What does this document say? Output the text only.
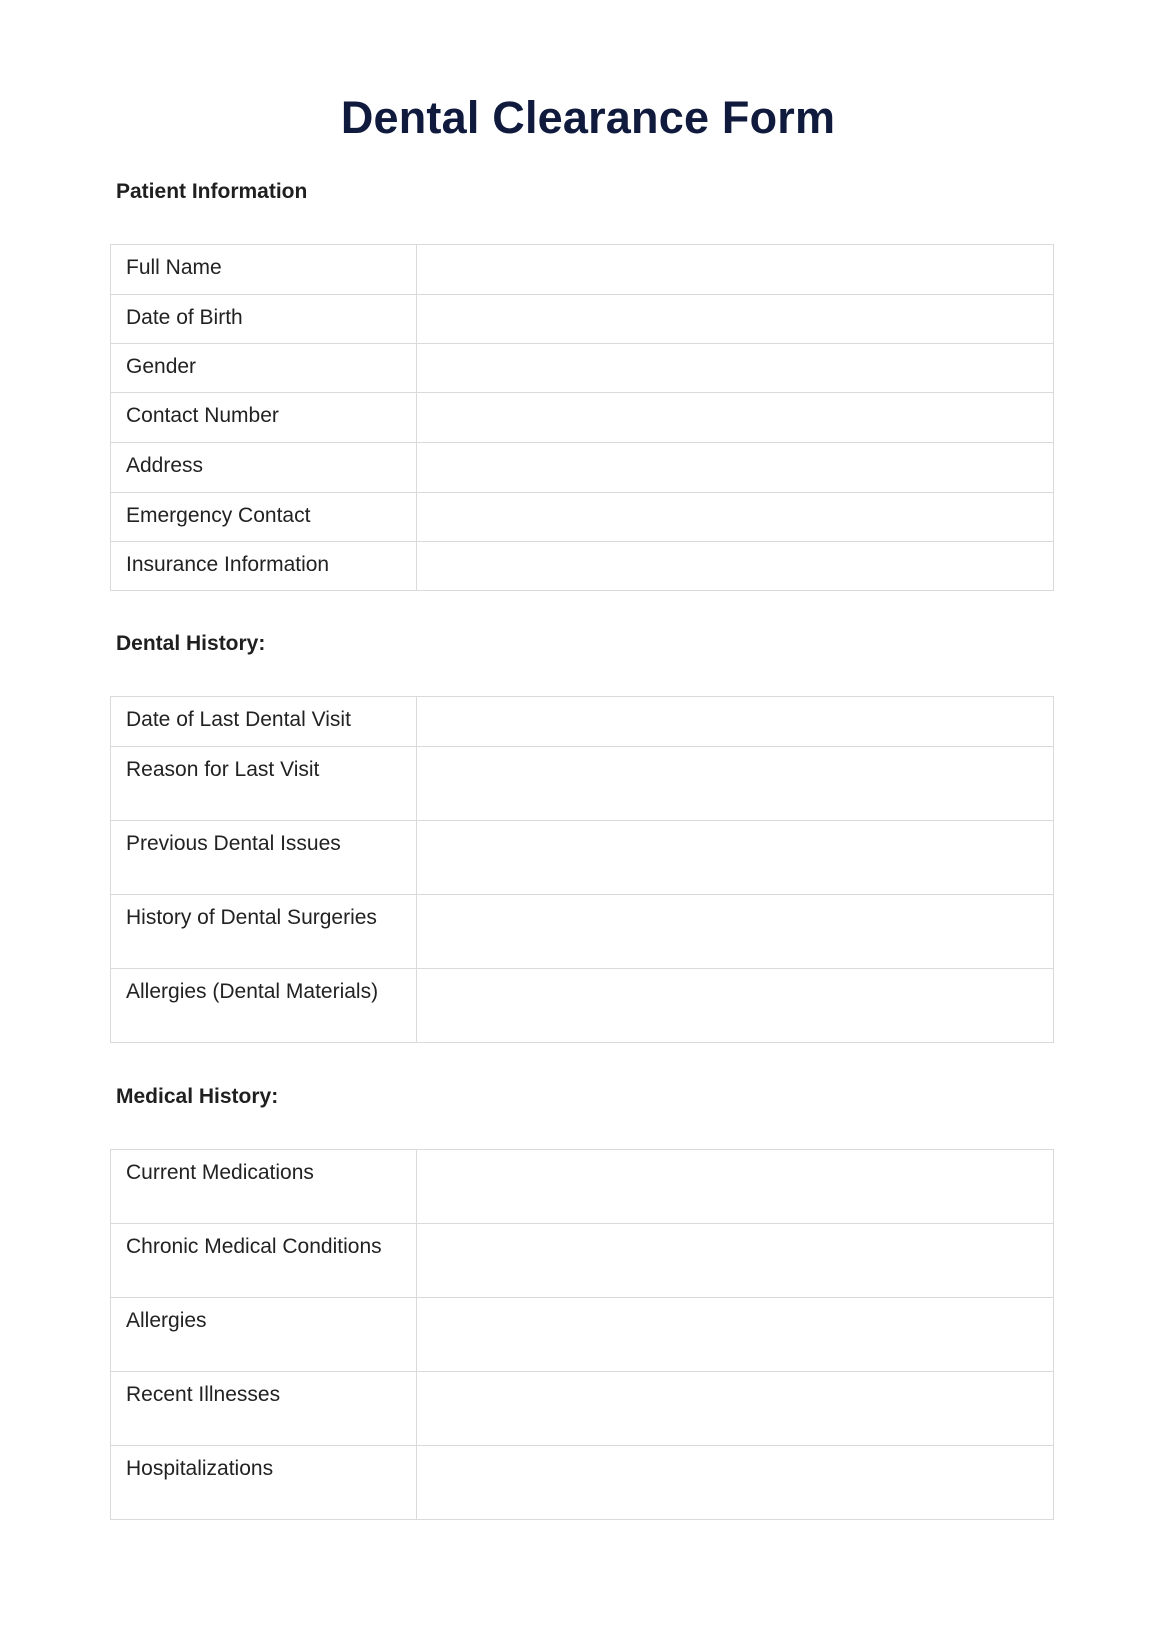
Dental Clearance Form
Patient Information
Full Name	

Date of Birth	

Gender	

Contact Number	

Address	

Emergency Contact	

Insurance Information	

Dental History:
Date of Last Dental Visit	

Reason for Last Visit	

Previous Dental Issues	

History of Dental Surgeries	

Allergies (Dental Materials)	

Medical History:
Current Medications	

Chronic Medical Conditions	

Allergies	

Recent Illnesses	

Hospitalizations	
